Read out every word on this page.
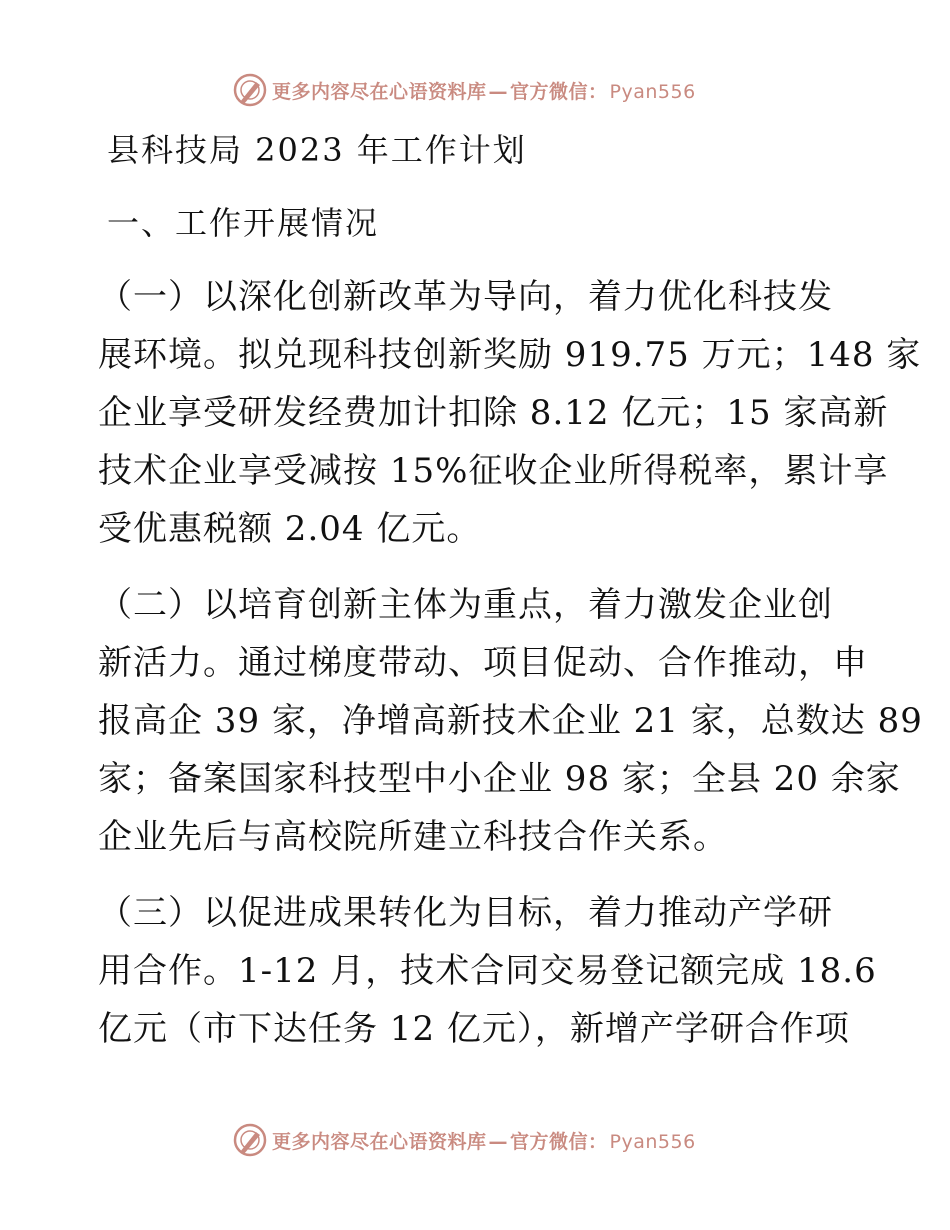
更多内容尽在心语资料库 — 官方微信： Pyan556
县科技局 2023 年工作计划
一、工作开展情况
（一）以深化创新改革为导向，着力优化科技发
展环境。拟兑现科技创新奖励 919.75 万元；148 家
企业享受研发经费加计扣除 8.12 亿元；15 家高新
技术企业享受减按 15%征收企业所得税率，累计享
受优惠税额 2.04 亿元。
（二）以培育创新主体为重点，着力激发企业创
新活力。通过梯度带动、项目促动、合作推动，申
报高企 39 家，净增高新技术企业 21 家，总数达 89
家；备案国家科技型中小企业 98 家；全县 20 余家
企业先后与高校院所建立科技合作关系。
（三）以促进成果转化为目标，着力推动产学研
用合作。1-12 月，技术合同交易登记额完成 18.6
亿元（市下达任务 12 亿元），新增产学研合作项
更多内容尽在心语资料库 — 官方微信： Pyan556
